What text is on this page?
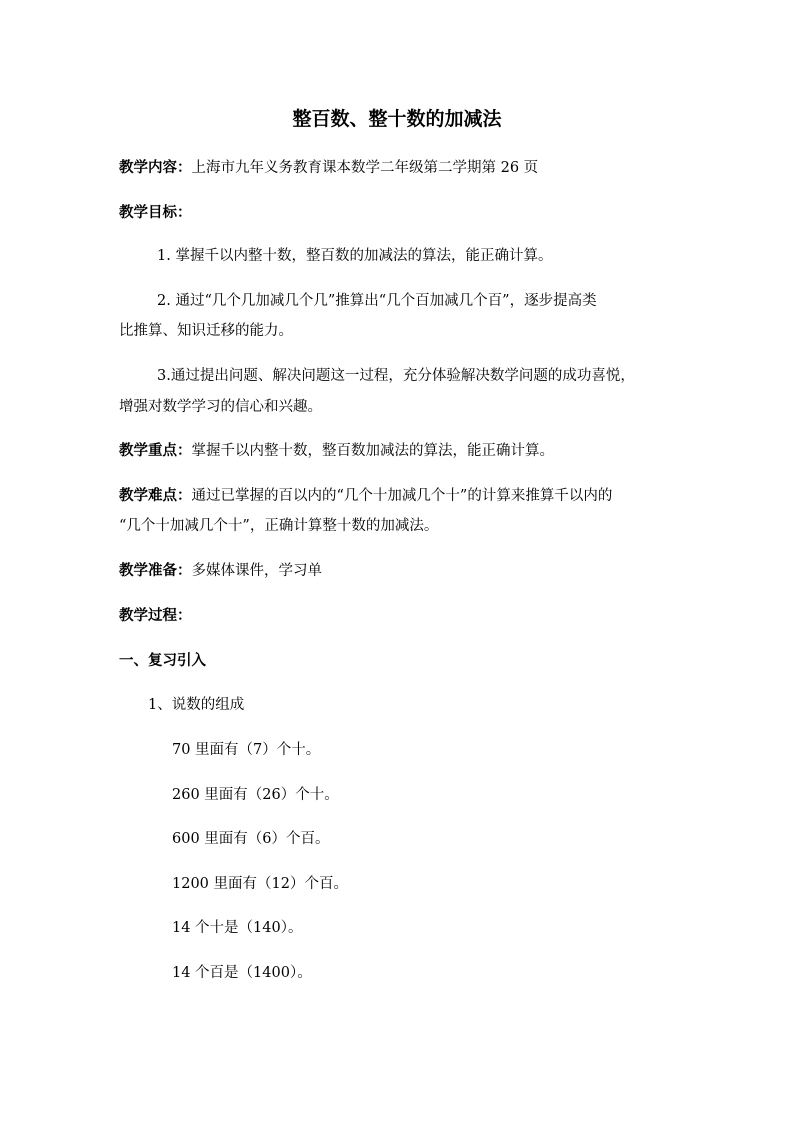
整百数、整十数的加减法
教学内容：上海市九年义务教育课本数学二年级第二学期第 26 页
教学目标：
1. 掌握千以内整十数，整百数的加减法的算法，能正确计算。
2. 通过“几个几加减几个几”推算出“几个百加减几个百”，逐步提高类
比推算、知识迁移的能力。
3.通过提出问题、解决问题这一过程，充分体验解决数学问题的成功喜悦，
增强对数学学习的信心和兴趣。
教学重点：掌握千以内整十数，整百数加减法的算法，能正确计算。
教学难点：通过已掌握的百以内的“几个十加减几个十”的计算来推算千以内的
“几个十加减几个十”，正确计算整十数的加减法。
教学准备：多媒体课件，学习单
教学过程：
一、复习引入
1、说数的组成
70 里面有（7）个十。
260 里面有（26）个十。
600 里面有（6）个百。
1200 里面有（12）个百。
14 个十是（140）。
14 个百是（1400）。
